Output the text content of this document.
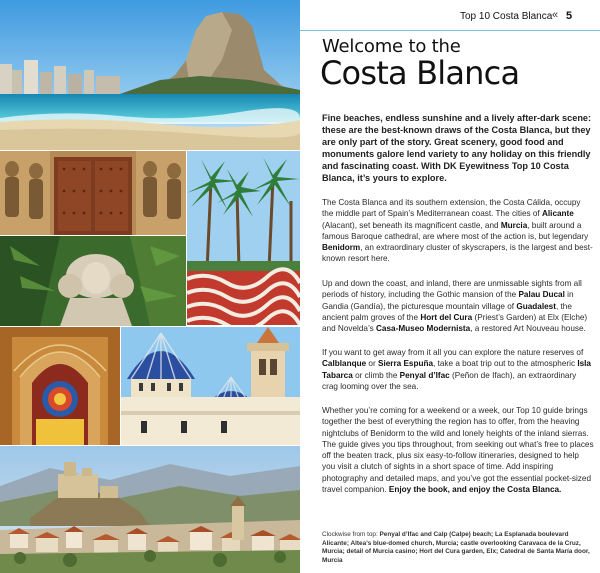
Top 10 Costa Blanca « 5
Welcome to the
Costa Blanca

Fine beaches, endless sunshine and a lively after-dark scene: these are the best-known draws of the Costa Blanca, but they are only part of the story. Great scenery, good food and monuments galore lend variety to any holiday on this friendly and fascinating coast. With DK Eyewitness Top 10 Costa Blanca, it’s yours to explore.

The Costa Blanca and its southern extension, the Costa Cálida, occupy the middle part of Spain’s Mediterranean coast. The cities of Alicante (Alacant), set beneath its magnificent castle, and Murcia, built around a famous Baroque cathedral, are where most of the action is, but legendary Benidorm, an extraordinary cluster of skyscrapers, is the largest and best-known resort here.

Up and down the coast, and inland, there are unmissable sights from all periods of history, including the Gothic mansion of the Palau Ducal in Gandia (Gandía), the picturesque mountain village of Guadalest, the ancient palm groves of the Hort del Cura (Priest’s Garden) at Elx (Elche) and Novelda’s Casa-Museo Modernista, a restored Art Nouveau house.

If you want to get away from it all you can explore the nature reserves of Calblanque or Sierra Espuña, take a boat trip out to the atmospheric Isla Tabarca or climb the Penyal d’Ifac (Peñon de Ifach), an extraordinary crag looming over the sea.

Whether you’re coming for a weekend or a week, our Top 10 guide brings together the best of everything the region has to offer, from the heaving nightclubs of Benidorm to the wild and lonely heights of the inland sierras. The guide gives you tips throughout, from seeking out what’s free to places off the beaten track, plus six easy-to-follow itineraries, designed to help you visit a clutch of sights in a short space of time. Add inspiring photography and detailed maps, and you’ve got the essential pocket-sized travel companion. Enjoy the book, and enjoy the Costa Blanca.

Clockwise from top: Penyal d’Ifac and Calp (Calpe) beach; La Esplanada boulevard Alicante; Altea’s blue-domed church, Murcia; castle overlooking Caravaca de la Cruz, Murcia; detail of Murcia casino; Hort del Cura garden, Elx; Catedral de Santa María door, Murcia
